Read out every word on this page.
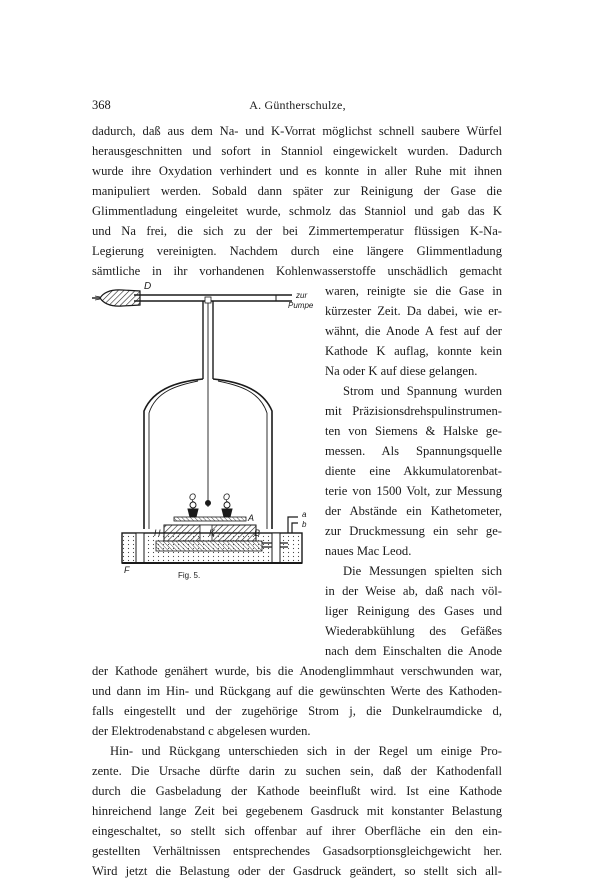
368	A. Güntherschulze,
dadurch, daß aus dem Na- und K-Vorrat möglichst schnell saubere Würfel
herausgeschnitten und sofort in Stanniol eingewickelt wurden. Dadurch
wurde ihre Oxydation verhindert und es konnte in aller Ruhe mit ihnen
manipuliert werden. Sobald dann später zur Reinigung der Gase die
Glimmentladung eingeleitet wurde, schmolz das Stanniol und gab das K
und Na frei, die sich zu der bei Zimmertemperatur flüssigen K-Na-
Legierung vereinigten. Nachdem durch eine längere Glimmentladung
sämtliche in ihr vorhandenen Kohlenwasserstoffe unschädlich gemacht
waren, reinigte sie die Gase in
kürzester Zeit. Da dabei, wie er-
wähnt, die Anode A fest auf der
Kathode K auflag, konnte kein
Na oder K auf diese gelangen.
Strom und Spannung wurden
mit Präzisionsdrehspulinstrumen-
ten von Siemens & Halske ge-
messen. Als Spannungsquelle
diente eine Akkumulatorenbat-
terie von 1500 Volt, zur Messung
der Abstände ein Kathetometer,
zur Druckmessung ein sehr ge-
naues Mac Leod.
Die Messungen spielten sich
in der Weise ab, daß nach völ-
liger Reinigung des Gases und
Wiederabkühlung des Gefäßes
nach dem Einschalten die Anode
der Kathode genähert wurde, bis die Anodenglimmhaut verschwunden war,
und dann im Hin- und Rückgang auf die gewünschten Werte des Kathoden-
falls eingestellt und der zugehörige Strom j, die Dunkelraumdicke d,
der Elektrodenabstand c abgelesen wurden.
Hin- und Rückgang unterschieden sich in der Regel um einige Pro-
zente. Die Ursache dürfte darin zu suchen sein, daß der Kathodenfall
durch die Gasbeladung der Kathode beeinflußt wird. Ist eine Kathode
hinreichend lange Zeit bei gegebenem Gasdruck mit konstanter Belastung
eingeschaltet, so stellt sich offenbar auf ihrer Oberfläche ein den ein-
gestellten Verhältnissen entsprechendes Gasadsorptionsgleichgewicht her.
Wird jetzt die Belastung oder der Gasdruck geändert, so stellt sich all-
D
zur
Pumpe
Q	Q
A
H	K	B
a
b
F
Fig. 5.
